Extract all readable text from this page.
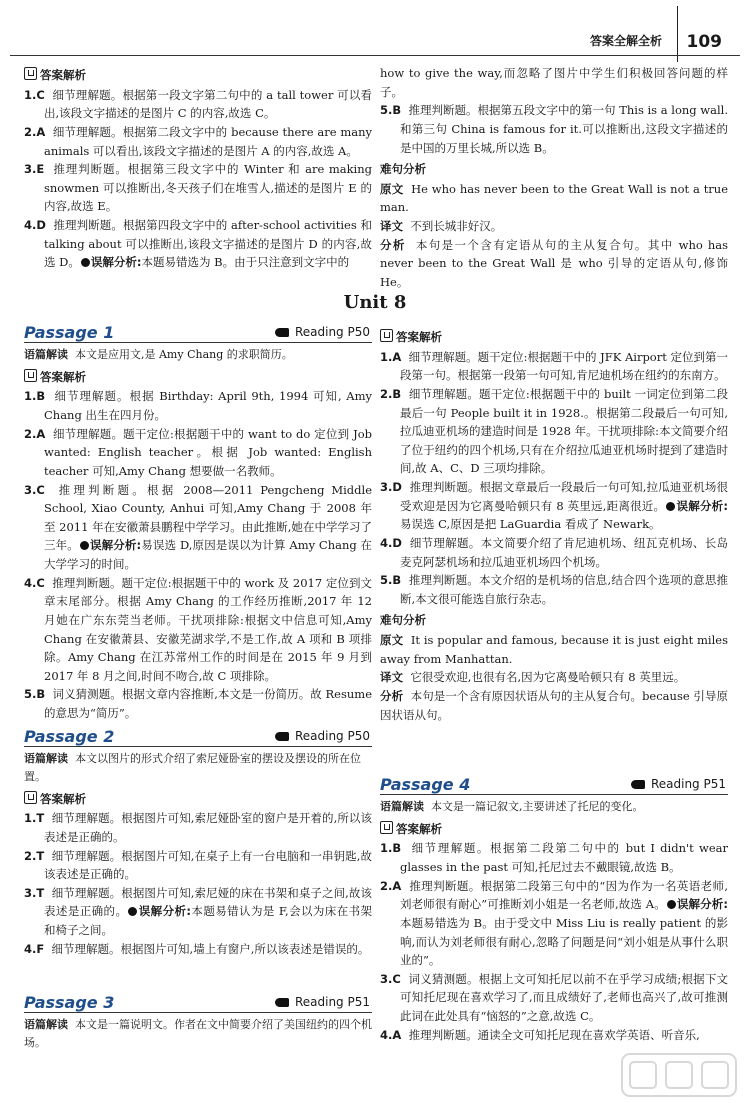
答案全解全析 109
答案解析

1.C 细节理解题。根据第一段文字第二句中的 a tall tower 可以看出,该段文字描述的是图片 C 的内容,故选 C。

2.A 细节理解题。根据第二段文字中的 because there are many animals 可以看出,该段文字描述的是图片 A 的内容,故选 A。

3.E 推理判断题。根据第三段文字中的 Winter 和 are making snowmen 可以推断出,冬天孩子们在堆雪人,描述的是图片 E 的内容,故选 E。

4.D 推理判断题。根据第四段文字中的 after-school activities 和 talking about 可以推断出,该段文字描述的是图片 D 的内容,故选 D。 误解分析:本题易错选为 B。由于只注意到文字中的

how to give the way,而忽略了图片中学生们积极回答问题的样子。

5.B 推理判断题。根据第五段文字中的第一句 This is a long wall.和第三句 China is famous for it.可以推断出,这段文字描述的是中国的万里长城,所以选 B。

难句分析

原文 He who has never been to the Great Wall is not a true man.

译文 不到长城非好汉。

分析 本句是一个含有定语从句的主从复合句。其中 who has never been to the Great Wall 是 who 引导的定语从句,修饰 He。

Unit 8
Passage 1	Reading P50

语篇解读 本文是应用文,是 Amy Chang 的求职简历。

答案解析

1.B 细节理解题。根据 Birthday: April 9th, 1994 可知, Amy Chang 出生在四月份。

2.A 细节理解题。题干定位:根据题干中的 want to do 定位到 Job wanted: English teacher。根据 Job wanted: English teacher 可知,Amy Chang 想要做一名教师。

3.C 推理判断题。根据 2008—2011 Pengcheng Middle School, Xiao County, Anhui 可知,Amy Chang 于 2008 年至 2011 年在安徽萧县鹏程中学学习。由此推断,她在中学学习了三年。 误解分析:易误选 D,原因是误以为计算 Amy Chang 在大学学习的时间。

4.C 推理判断题。题干定位:根据题干中的 work 及 2017 定位到文章末尾部分。根据 Amy Chang 的工作经历推断,2017 年 12 月她在广东东莞当老师。干扰项排除:根据文中信息可知,Amy Chang 在安徽萧县、安徽芜湖求学,不是工作,故 A 项和 B 项排除。Amy Chang 在江苏常州工作的时间是在 2015 年 9 月到 2017 年 8 月之间,时间不吻合,故 C 项排除。

5.B 词义猜测题。根据文章内容推断,本文是一份简历。故 Resume 的意思为“简历”。

Passage 2	Reading P50

语篇解读 本文以图片的形式介绍了索尼娅卧室的摆设及摆设的所在位置。

答案解析

1.T 细节理解题。根据图片可知,索尼娅卧室的窗户是开着的,所以该表述是正确的。

2.T 细节理解题。根据图片可知,在桌子上有一台电脑和一串钥匙,故该表述是正确的。

3.T 细节理解题。根据图片可知,索尼娅的床在书架和桌子之间,故该表述是正确的。 误解分析:本题易错认为是 F,会以为床在书架和椅子之间。

4.F 细节理解题。根据图片可知,墙上有窗户,所以该表述是错误的。

Passage 3	Reading P51

语篇解读 本文是一篇说明文。作者在文中简要介绍了美国纽约的四个机场。

答案解析

1.A 细节理解题。题干定位:根据题干中的 JFK Airport 定位到第一段第一句。根据第一段第一句可知,肯尼迪机场在纽约的东南方。

2.B 细节理解题。题干定位:根据题干中的 built 一词定位到第二段最后一句 People built it in 1928.。根据第二段最后一句可知,拉瓜迪亚机场的建造时间是 1928 年。干扰项排除:本文简要介绍了位于纽约的四个机场,只有在介绍拉瓜迪亚机场时提到了建造时间,故 A、C、D 三项均排除。

3.D 推理判断题。根据文章最后一段最后一句可知,拉瓜迪亚机场很受欢迎是因为它离曼哈顿只有 8 英里远,距离很近。 误解分析:易误选 C,原因是把 LaGuardia 看成了 Newark。

4.D 细节理解题。本文简要介绍了肯尼迪机场、纽瓦克机场、长岛麦克阿瑟机场和拉瓜迪亚机场四个机场。

5.B 推理判断题。本文介绍的是机场的信息,结合四个选项的意思推断,本文很可能选自旅行杂志。

难句分析

原文 It is popular and famous, because it is just eight miles away from Manhattan.

译文 它很受欢迎,也很有名,因为它离曼哈顿只有 8 英里远。

分析 本句是一个含有原因状语从句的主从复合句。because 引导原因状语从句。

Passage 4	Reading P51

语篇解读 本文是一篇记叙文,主要讲述了托尼的变化。

答案解析

1.B 细节理解题。根据第二段第二句中的 but I didn't wear glasses in the past 可知,托尼过去不戴眼镜,故选 B。

2.A 推理判断题。根据第二段第三句中的“因为作为一名英语老师,刘老师很有耐心”可推断刘小姐是一名老师,故选 A。 误解分析:本题易错选为 B。由于受文中 Miss Liu is really patient 的影响,而认为刘老师很有耐心,忽略了问题是问“刘小姐是从事什么职业的”。

3.C 词义猜测题。根据上文可知托尼以前不在乎学习成绩;根据下文可知托尼现在喜欢学习了,而且成绩好了,老师也高兴了,故可推测此词在此处具有“恼怒的”之意,故选 C。

4.A 推理判断题。通读全文可知托尼现在喜欢学英语、听音乐,
